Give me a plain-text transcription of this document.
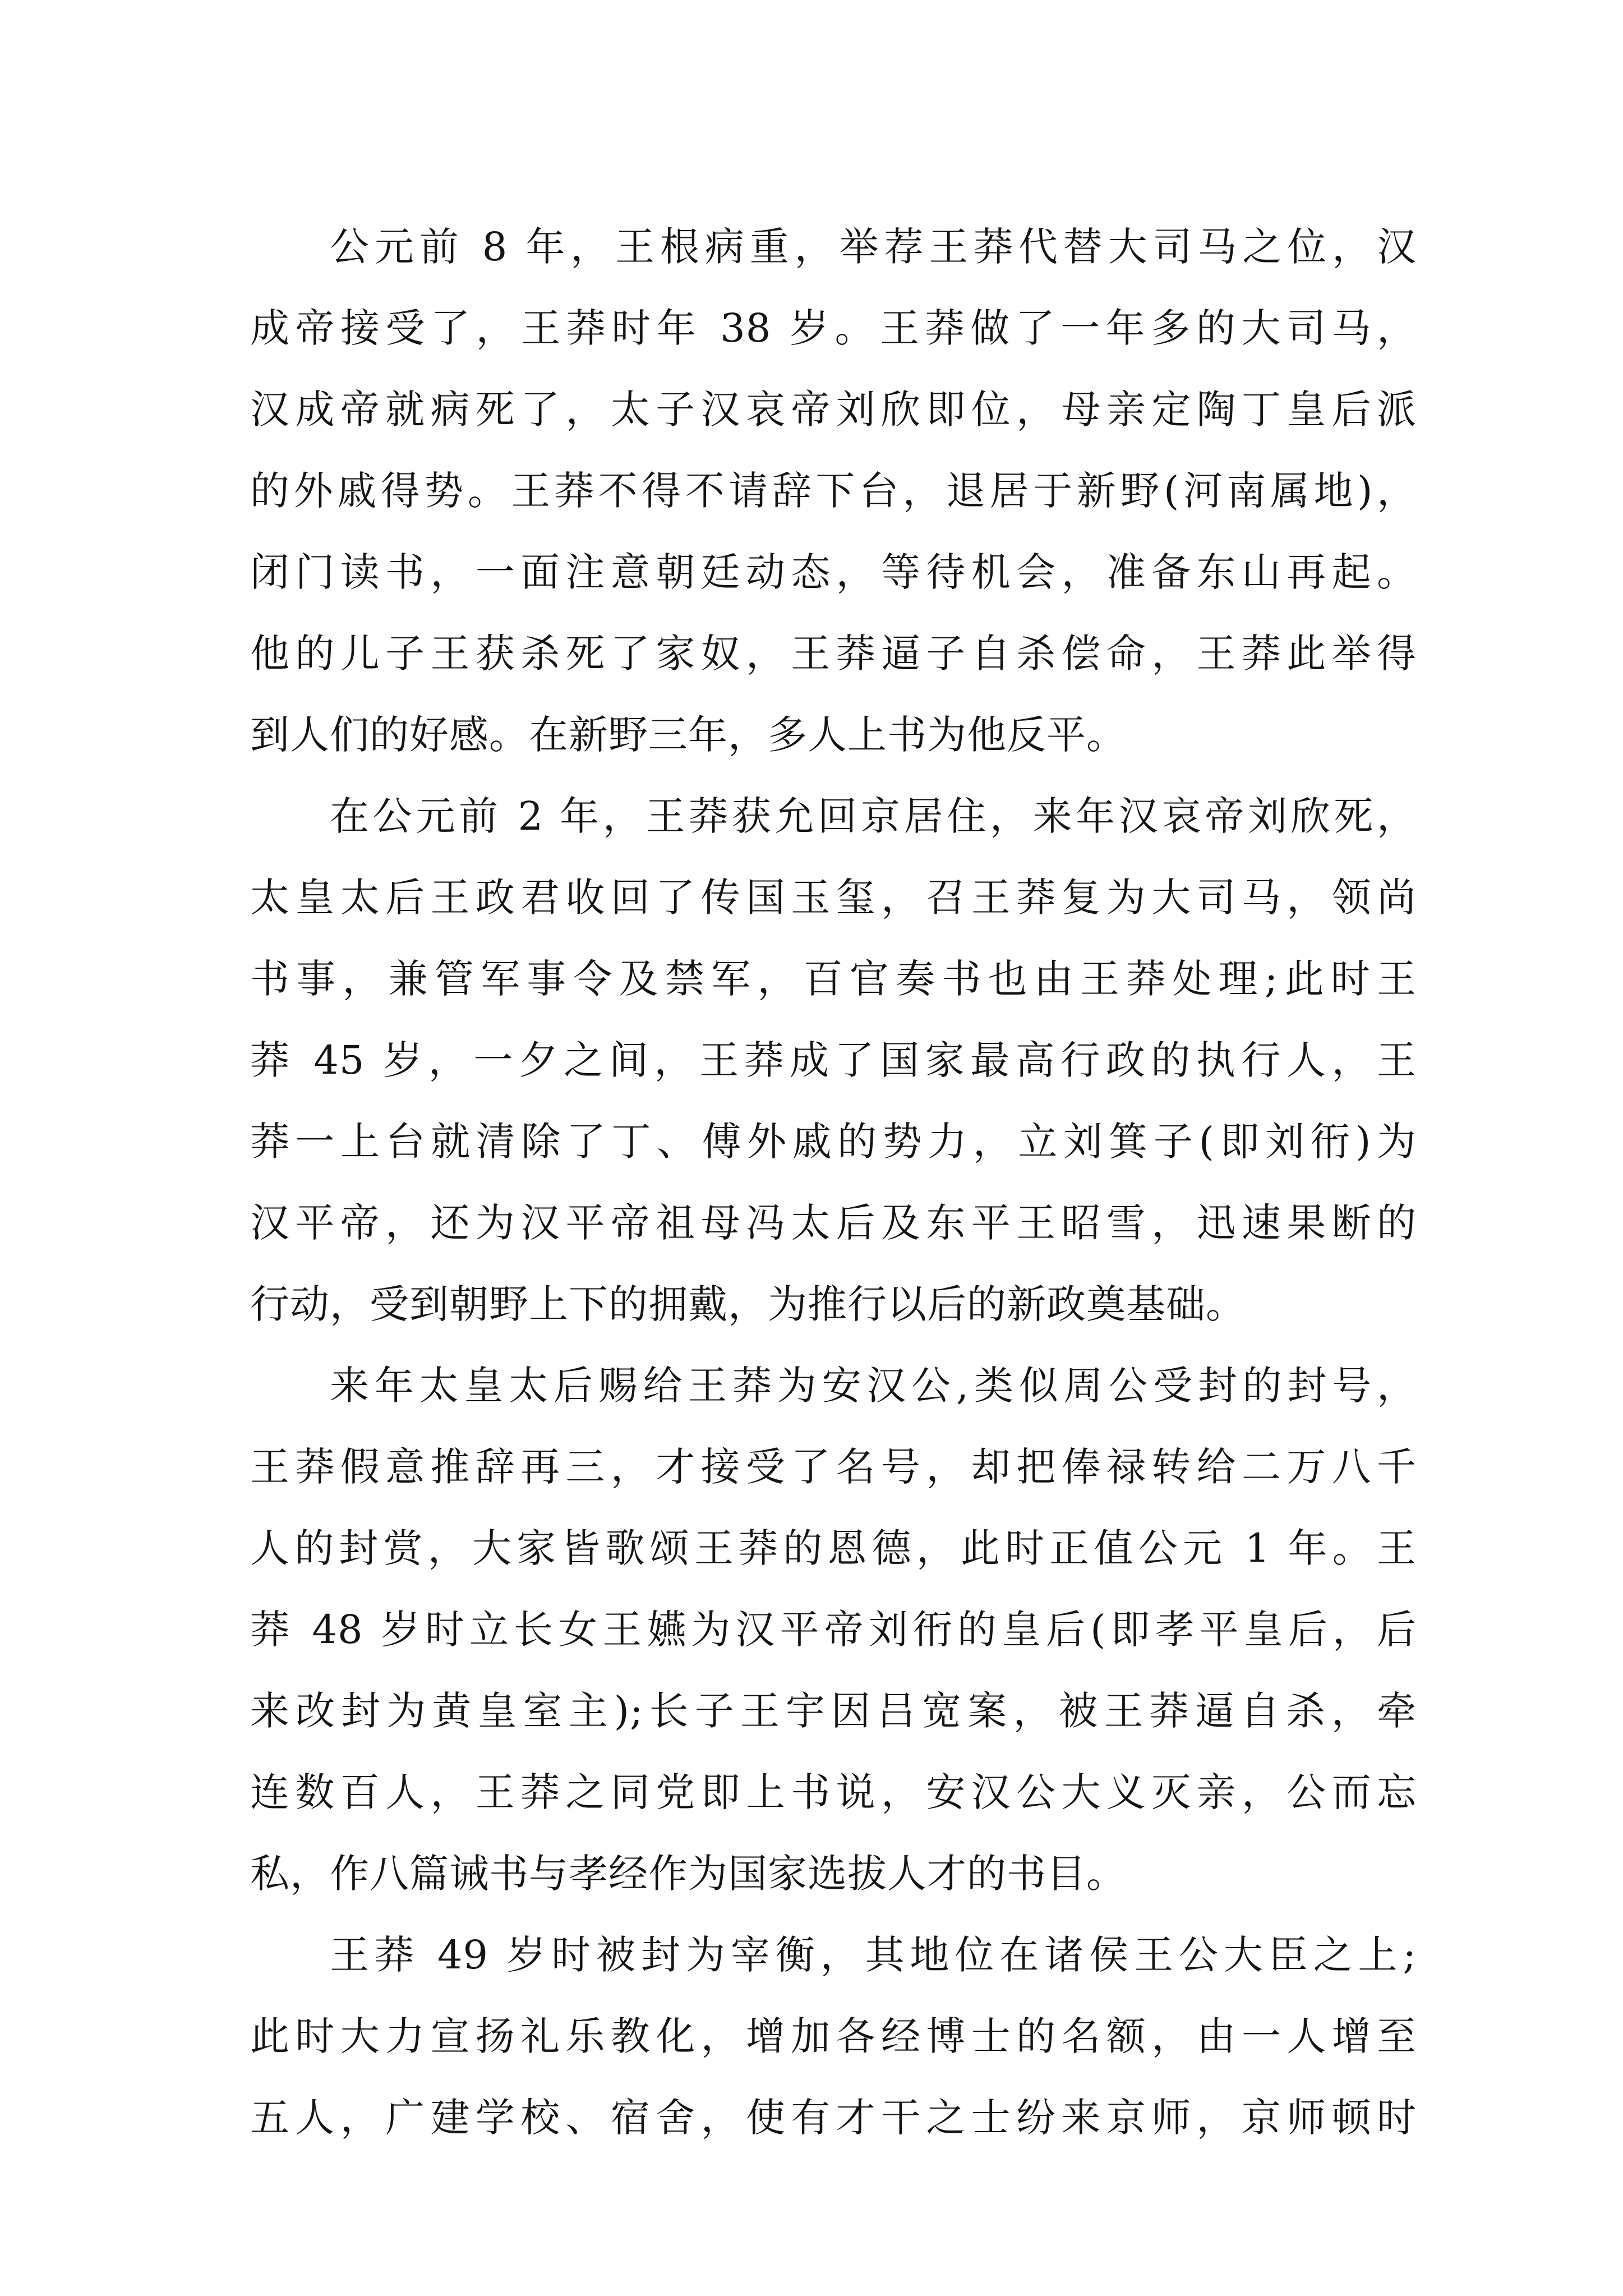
公元前 8 年，王根病重，举荐王莽代替大司马之位，汉
成帝接受了，王莽时年 38 岁。王莽做了一年多的大司马，
汉成帝就病死了，太子汉哀帝刘欣即位，母亲定陶丁皇后派
的外戚得势。王莽不得不请辞下台，退居于新野(河南属地)，
闭门读书，一面注意朝廷动态，等待机会，准备东山再起。
他的儿子王获杀死了家奴，王莽逼子自杀偿命，王莽此举得
到人们的好感。在新野三年，多人上书为他反平。
在公元前 2 年，王莽获允回京居住，来年汉哀帝刘欣死，
太皇太后王政君收回了传国玉玺，召王莽复为大司马，领尚
书事，兼管军事令及禁军，百官奏书也由王莽处理;此时王
莽 45 岁，一夕之间，王莽成了国家最高行政的执行人，王
莽一上台就清除了丁、傅外戚的势力，立刘箕子(即刘衎)为
汉平帝，还为汉平帝祖母冯太后及东平王昭雪，迅速果断的
行动，受到朝野上下的拥戴，为推行以后的新政奠基础。
来年太皇太后赐给王莽为安汉公,类似周公受封的封号，
王莽假意推辞再三，才接受了名号，却把俸禄转给二万八千
人的封赏，大家皆歌颂王莽的恩德，此时正值公元 1 年。王
莽 48 岁时立长女王嬿为汉平帝刘衎的皇后(即孝平皇后，后
来改封为黄皇室主);长子王宇因吕宽案，被王莽逼自杀，牵
连数百人，王莽之同党即上书说，安汉公大义灭亲，公而忘
私，作八篇诫书与孝经作为国家选拔人才的书目。
王莽 49 岁时被封为宰衡，其地位在诸侯王公大臣之上;
此时大力宣扬礼乐教化，增加各经博士的名额，由一人增至
五人，广建学校、宿舍，使有才干之士纷来京师，京师顿时
